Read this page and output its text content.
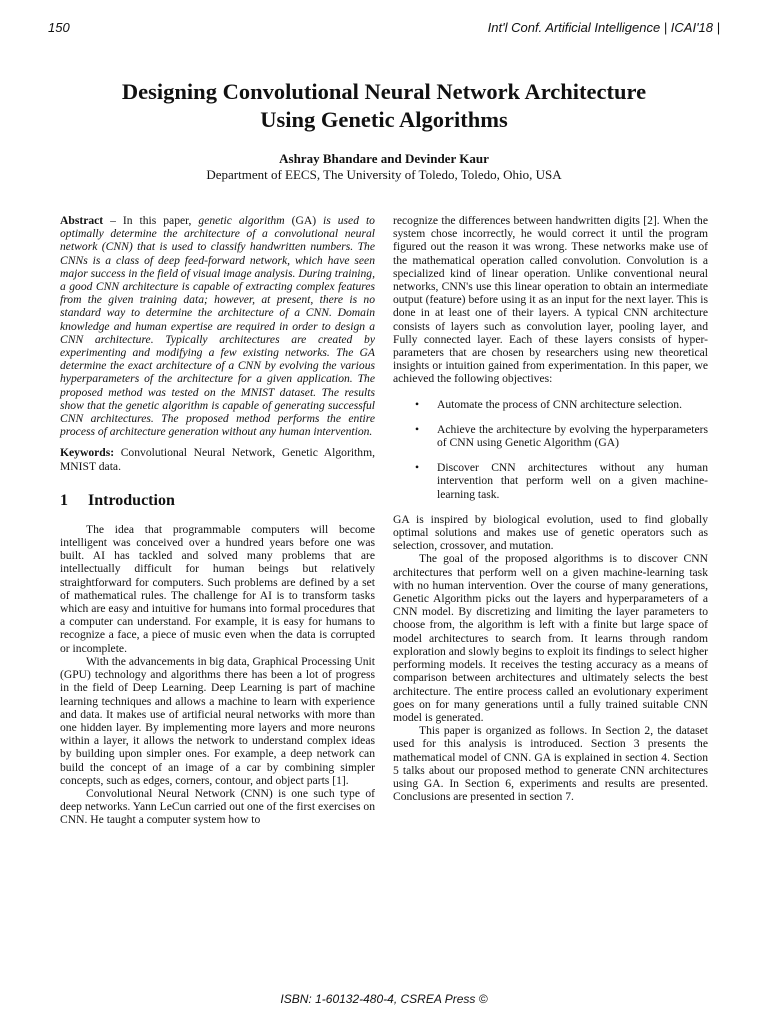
150	Int'l Conf. Artificial Intelligence | ICAI'18 |
Designing Convolutional Neural Network Architecture
Using Genetic Algorithms
Ashray Bhandare and Devinder Kaur
Department of EECS, The University of Toledo, Toledo, Ohio, USA

Abstract – In this paper, genetic algorithm (GA) is used to optimally determine the architecture of a convolutional neural network (CNN) that is used to classify handwritten numbers. The CNNs is a class of deep feed-forward network, which have seen major success in the field of visual image analysis. During training, a good CNN architecture is capable of extracting complex features from the given training data; however, at present, there is no standard way to determine the architecture of a CNN. Domain knowledge and human expertise are required in order to design a CNN architecture. Typically architectures are created by experimenting and modifying a few existing networks. The GA determine the exact architecture of a CNN by evolving the various hyperparameters of the architecture for a given application. The proposed method was tested on the MNIST dataset. The results show that the genetic algorithm is capable of generating successful CNN architectures. The proposed method performs the entire process of architecture generation without any human intervention.

Keywords: Convolutional Neural Network, Genetic Algorithm, MNIST data.

1 Introduction

The idea that programmable computers will become intelligent was conceived over a hundred years before one was built. AI has tackled and solved many problems that are intellectually difficult for human beings but relatively straightforward for computers. Such problems are defined by a set of mathematical rules. The challenge for AI is to transform tasks which are easy and intuitive for humans into formal procedures that a computer can understand. For example, it is easy for humans to recognize a face, a piece of music even when the data is corrupted or incomplete.

With the advancements in big data, Graphical Processing Unit (GPU) technology and algorithms there has been a lot of progress in the field of Deep Learning. Deep Learning is part of machine learning techniques and allows a machine to learn with experience and data. It makes use of artificial neural networks with more than one hidden layer. By implementing more layers and more neurons within a layer, it allows the network to understand complex ideas by building upon simpler ones. For example, a deep network can build the concept of an image of a car by combining simpler concepts, such as edges, corners, contour, and object parts [1].

Convolutional Neural Network (CNN) is one such type of deep networks. Yann LeCun carried out one of the first exercises on CNN. He taught a computer system how to

recognize the differences between handwritten digits [2]. When the system chose incorrectly, he would correct it until the program figured out the reason it was wrong. These networks make use of the mathematical operation called convolution. Convolution is a specialized kind of linear operation. Unlike conventional neural networks, CNN's use this linear operation to obtain an intermediate output (feature) before using it as an input for the next layer. This is done in at least one of their layers. A typical CNN architecture consists of layers such as convolution layer, pooling layer, and Fully connected layer. Each of these layers consists of hyper-parameters that are chosen by researchers using new theoretical insights or intuition gained from experimentation. In this paper, we achieved the following objectives:

• Automate the process of CNN architecture selection.
• Achieve the architecture by evolving the hyperparameters of CNN using Genetic Algorithm (GA)
• Discover CNN architectures without any human intervention that perform well on a given machine-learning task.

GA is inspired by biological evolution, used to find globally optimal solutions and makes use of genetic operators such as selection, crossover, and mutation.

The goal of the proposed algorithms is to discover CNN architectures that perform well on a given machine-learning task with no human intervention. Over the course of many generations, Genetic Algorithm picks out the layers and hyperparameters of a CNN model. By discretizing and limiting the layer parameters to choose from, the algorithm is left with a finite but large space of model architectures to search from. It learns through random exploration and slowly begins to exploit its findings to select higher performing models. It receives the testing accuracy as a means of comparison between architectures and ultimately selects the best architecture. The entire process called an evolutionary experiment goes on for many generations until a fully trained suitable CNN model is generated.

This paper is organized as follows. In Section 2, the dataset used for this analysis is introduced. Section 3 presents the mathematical model of CNN. GA is explained in section 4. Section 5 talks about our proposed method to generate CNN architectures using GA. In Section 6, experiments and results are presented. Conclusions are presented in section 7.

ISBN: 1-60132-480-4, CSREA Press ©
